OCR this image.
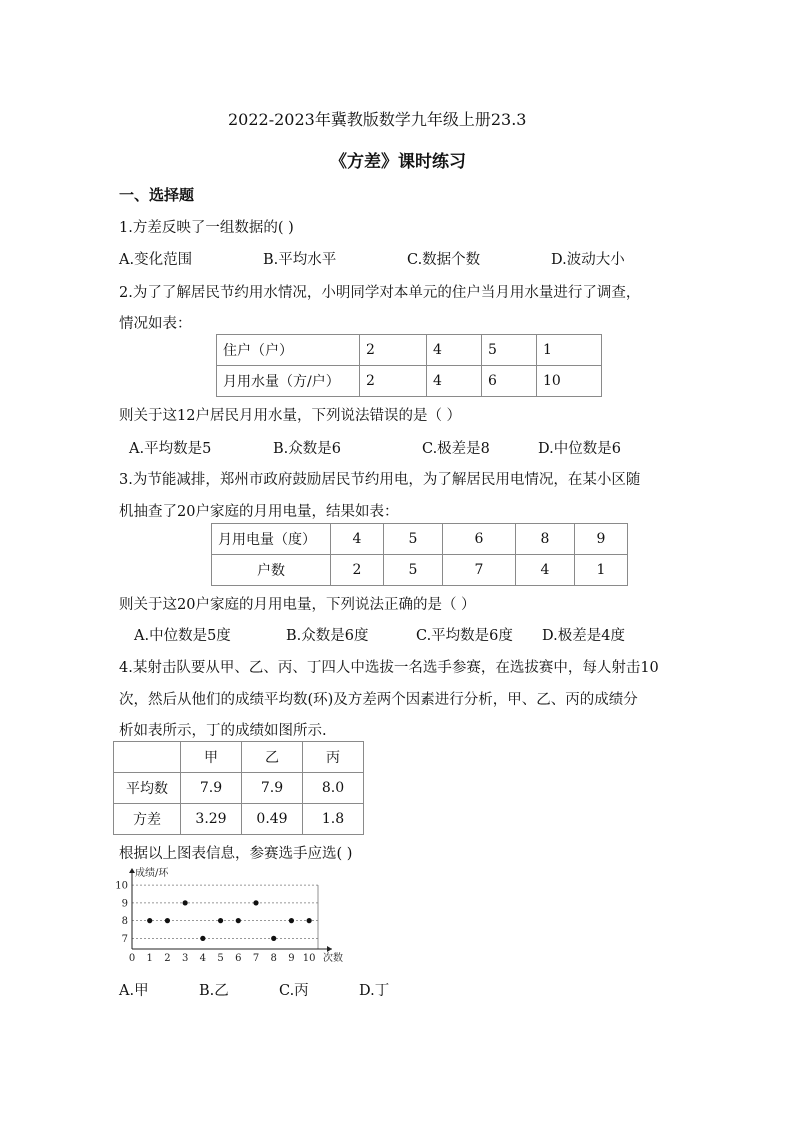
2022-2023年冀教版数学九年级上册23.3
《方差》课时练习
一、选择题
1.方差反映了一组数据的( )
A.变化范围	B.平均水平	C.数据个数	D.波动大小
2.为了了解居民节约用水情况，小明同学对本单元的住户当月用水量进行了调查，
情况如表：
住户（户）	2	4	5	1
月用水量（方/户）	2	4	6	10
则关于这12户居民月用水量，下列说法错误的是（ ）
A.平均数是5	B.众数是6	C.极差是8	D.中位数是6
3.为节能减排，郑州市政府鼓励居民节约用电，为了解居民用电情况，在某小区随
机抽查了20户家庭的月用电量，结果如表：
月用电量（度）	4	5	6	8	9
户数	2	5	7	4	1
则关于这20户家庭的月用电量，下列说法正确的是（ ）
A.中位数是5度	B.众数是6度	C.平均数是6度 D.极差是4度
4.某射击队要从甲、乙、丙、丁四人中选拔一名选手参赛，在选拔赛中，每人射击10
次，然后从他们的成绩平均数(环)及方差两个因素进行分析，甲、乙、丙的成绩分
析如表所示，丁的成绩如图所示.
	甲	乙	丙
平均数	7.9	7.9	8.0
方差	3.29	0.49	1.8
根据以上图表信息，参赛选手应选( )
0 1 2 3 4 5 6 7 8 9 10
7
8
9
10
成绩/环
次数
A.甲	B.乙	C.丙	D.丁
